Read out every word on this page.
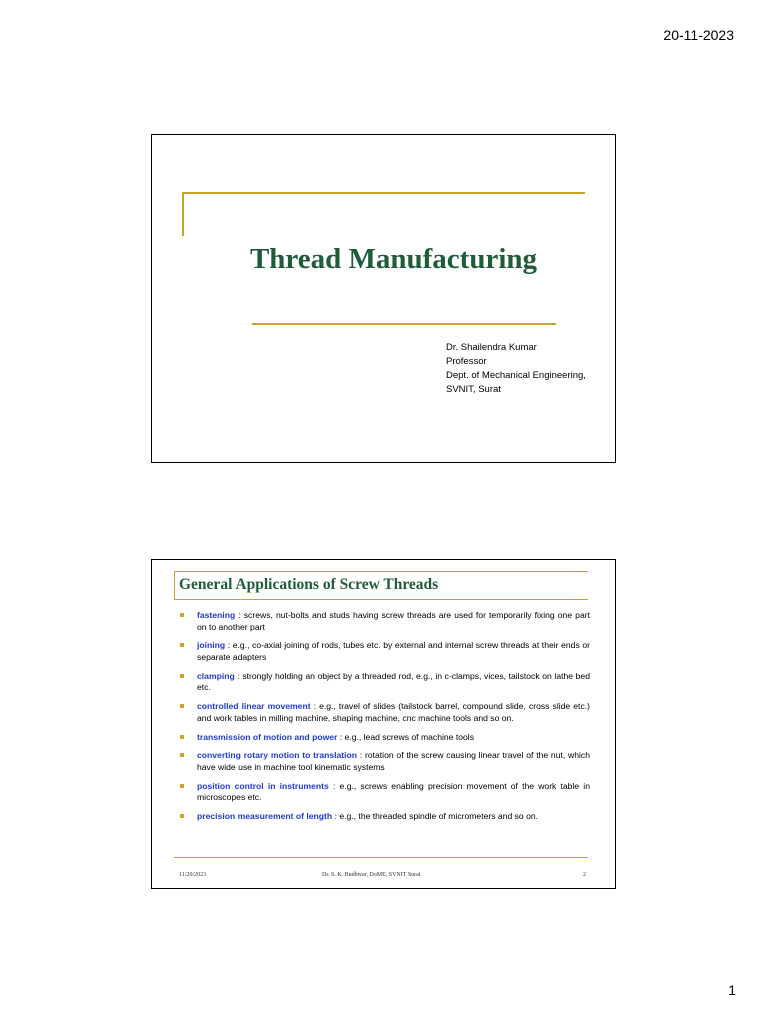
20-11-2023
Thread Manufacturing
Dr. Shailendra Kumar
Professor
Dept. of Mechanical Engineering,
SVNIT, Surat
General Applications of Screw Threads
fastening : screws, nut-bolts and studs having screw threads are used for temporarily fixing one part on to another part
joining : e.g., co-axial joining of rods, tubes etc. by external and internal screw threads at their ends or separate adapters
clamping : strongly holding an object by a threaded rod, e.g., in c-clamps, vices, tailstock on lathe bed etc.
controlled linear movement : e.g., travel of slides (tailstock barrel, compound slide, cross slide etc.) and work tables in milling machine, shaping machine, cnc machine tools and so on.
transmission of motion and power : e.g., lead screws of machine tools
converting rotary motion to translation : rotation of the screw causing linear travel of the nut, which have wide use in machine tool kinematic systems
position control in instruments : e.g., screws enabling precision movement of the work table in microscopes etc.
precision measurement of length : e.g., the threaded spindle of micrometers and so on.
11/20/2023	Dr. S. K. Budhwar, DoME, SVNIT Surat	2
1
